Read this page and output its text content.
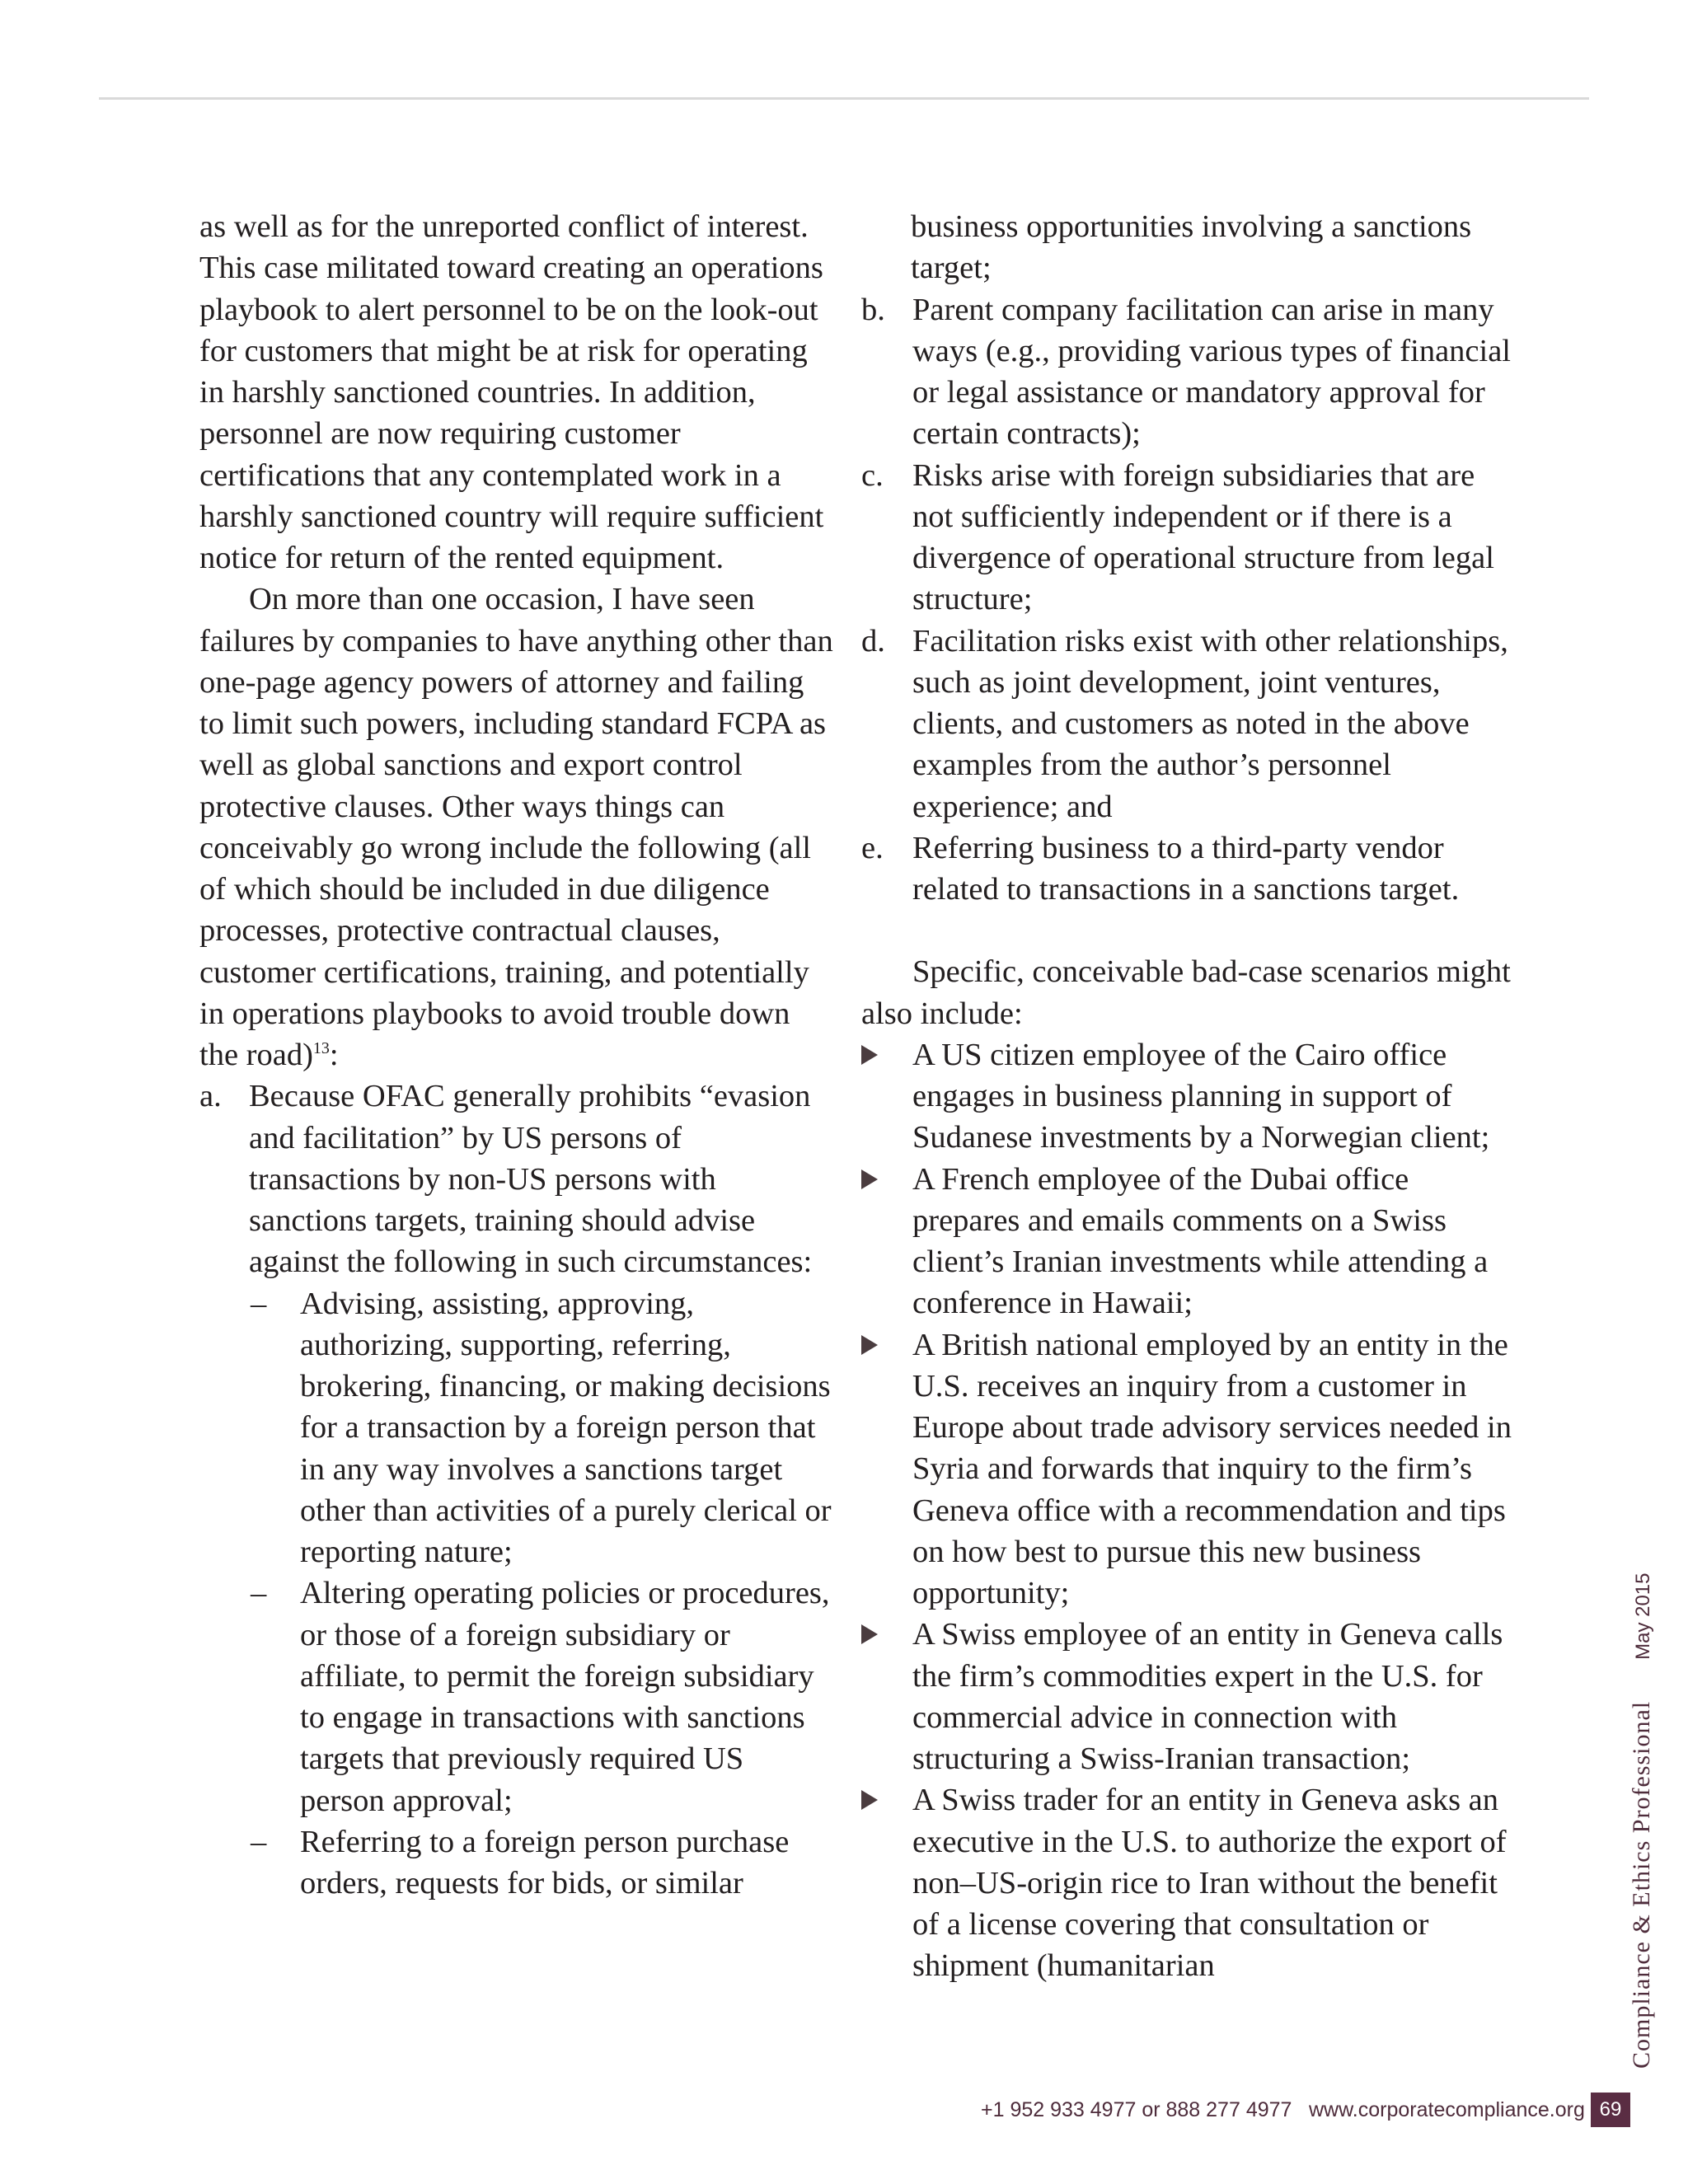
as well as for the unreported conflict of interest. This case militated toward creating an operations playbook to alert personnel to be on the look-out for customers that might be at risk for operating in harshly sanctioned countries. In addition, personnel are now requiring customer certifications that any contemplated work in a harshly sanctioned country will require sufficient notice for return of the rented equipment.

On more than one occasion, I have seen failures by companies to have anything other than one-page agency powers of attorney and failing to limit such powers, including standard FCPA as well as global sanctions and export control protective clauses. Other ways things can conceivably go wrong include the following (all of which should be included in due diligence processes, protective contractual clauses, customer certifications, training, and potentially in operations playbooks to avoid trouble down the road)$^{13}$:

a. Because OFAC generally prohibits “evasion and facilitation” by US persons of transactions by non-US persons with sanctions targets, training should advise against the following in such circumstances:
– Advising, assisting, approving, authorizing, supporting, referring, brokering, financing, or making decisions for a transaction by a foreign person that in any way involves a sanctions target other than activities of a purely clerical or reporting nature;
– Altering operating policies or procedures, or those of a foreign subsidiary or affiliate, to permit the foreign subsidiary to engage in transactions with sanctions targets that previously required US person approval;
– Referring to a foreign person purchase orders, requests for bids, or similar
business opportunities involving a sanctions target;
b. Parent company facilitation can arise in many ways (e.g., providing various types of financial or legal assistance or mandatory approval for certain contracts);
c. Risks arise with foreign subsidiaries that are not sufficiently independent or if there is a divergence of operational structure from legal structure;
d. Facilitation risks exist with other relationships, such as joint development, joint ventures, clients, and customers as noted in the above examples from the author’s personnel experience; and
e. Referring business to a third-party vendor related to transactions in a sanctions target.

Specific, conceivable bad-case scenarios might also include:

A US citizen employee of the Cairo office engages in business planning in support of Sudanese investments by a Norwegian client;
A French employee of the Dubai office prepares and emails comments on a Swiss client’s Iranian investments while attending a conference in Hawaii;
A British national employed by an entity in the U.S. receives an inquiry from a customer in Europe about trade advisory services needed in Syria and forwards that inquiry to the firm’s Geneva office with a recommendation and tips on how best to pursue this new business opportunity;
A Swiss employee of an entity in Geneva calls the firm’s commodities expert in the U.S. for commercial advice in connection with structuring a Swiss-Iranian transaction;
A Swiss trader for an entity in Geneva asks an executive in the U.S. to authorize the export of non–US-origin rice to Iran without the benefit of a license covering that consultation or shipment (humanitarian	Compliance & Ethics ProfessionalMay 2015
+1 952 933 4977 or 888 277 4977 www.corporatecompliance.org 69
